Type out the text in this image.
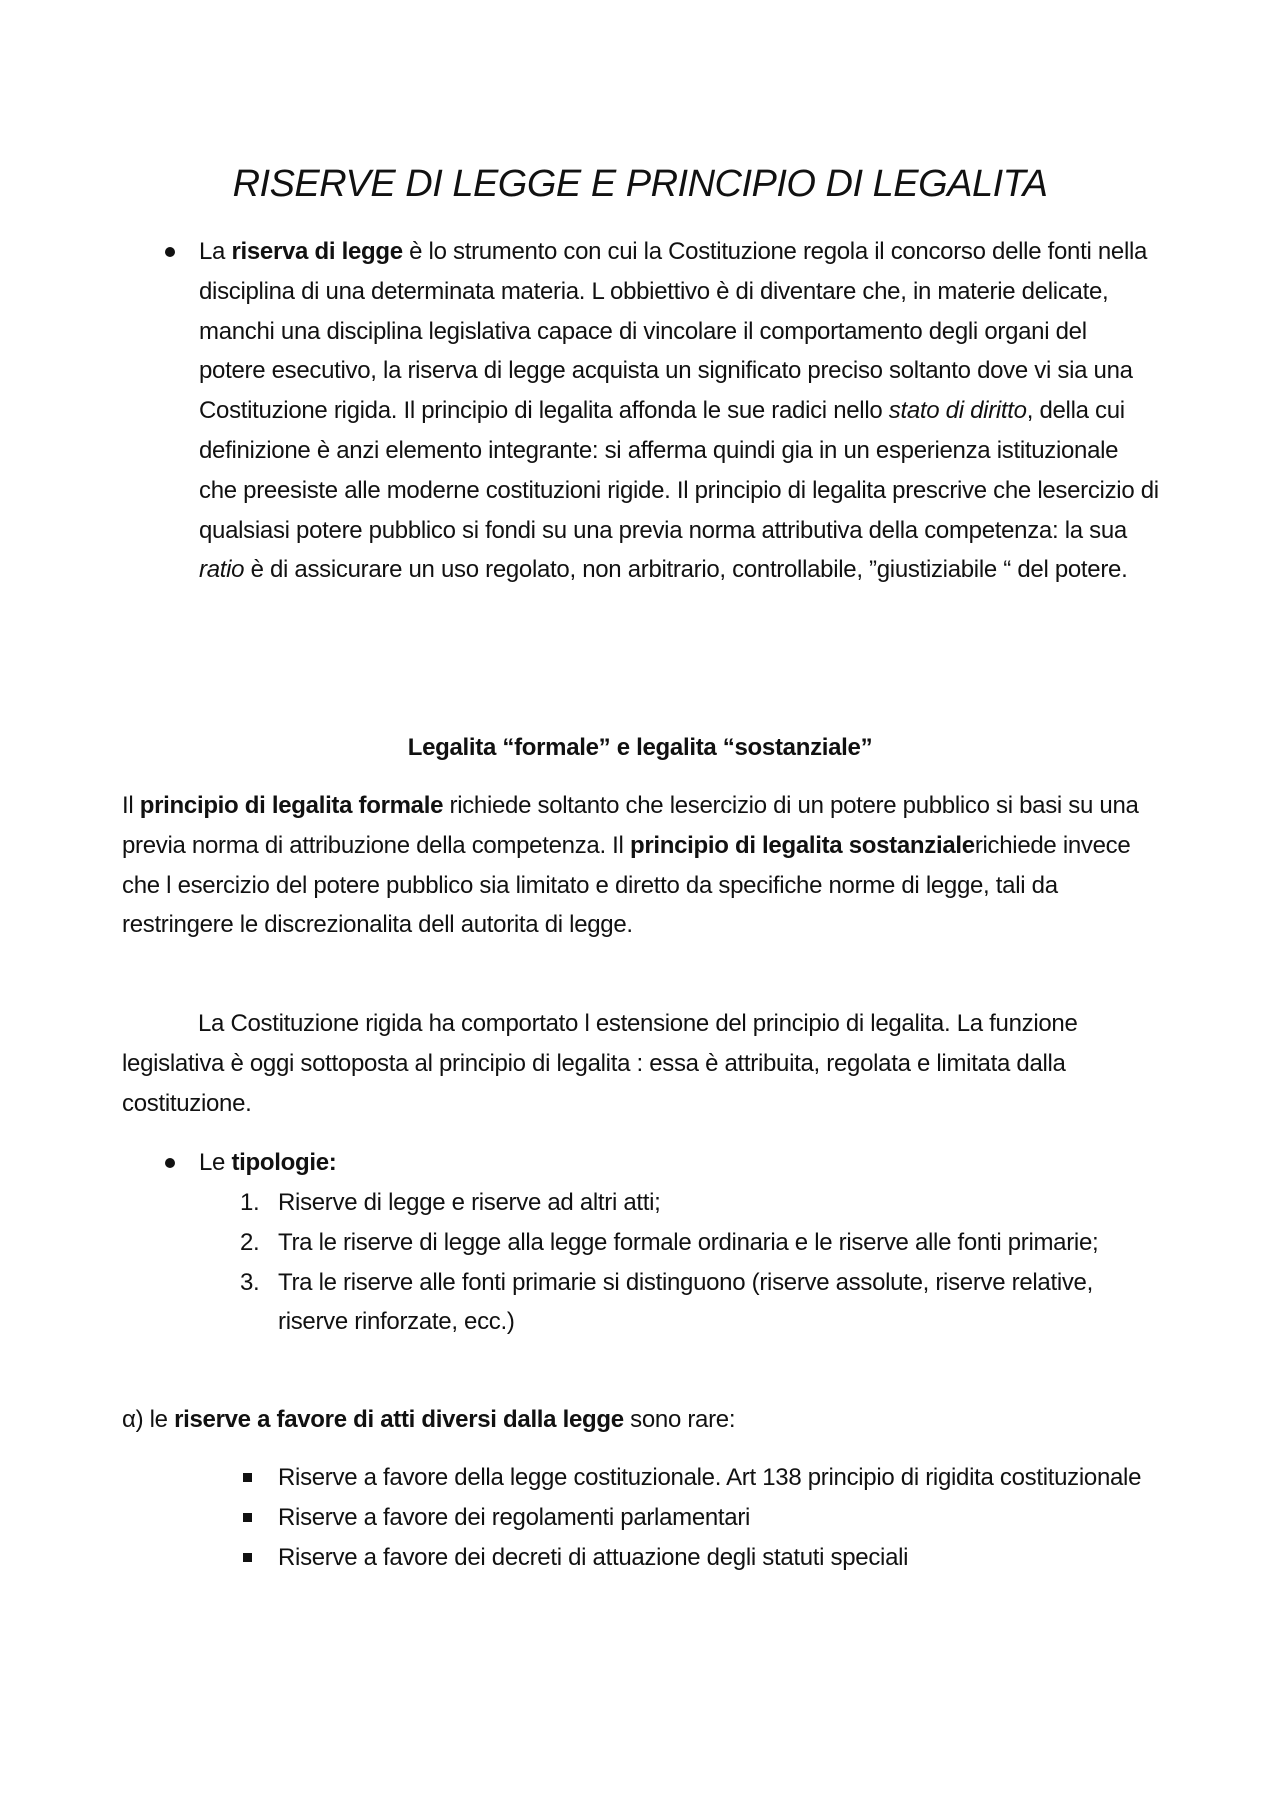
RISERVE DI LEGGE E PRINCIPIO DI LEGALITA
La riserva di legge è lo strumento con cui la Costituzione regola il concorso delle fonti nella disciplina di una determinata materia. L obbiettivo è di diventare che, in materie delicate, manchi una disciplina legislativa capace di vincolare il comportamento degli organi del potere esecutivo, la riserva di legge acquista un significato preciso soltanto dove vi sia una Costituzione rigida. Il principio di legalita affonda le sue radici nello stato di diritto, della cui definizione è anzi elemento integrante: si afferma quindi gia in un esperienza istituzionale che preesiste alle moderne costituzioni rigide. Il principio di legalita prescrive che lesercizio di qualsiasi potere pubblico si fondi su una previa norma attributiva della competenza: la sua ratio è di assicurare un uso regolato, non arbitrario, controllabile, ”giustiziabile “ del potere.
Legalita “formale” e legalita “sostanziale”
Il principio di legalita formale richiede soltanto che lesercizio di un potere pubblico si basi su una previa norma di attribuzione della competenza. Il principio di legalita sostanzialerichiede invece che l esercizio del potere pubblico sia limitato e diretto da specifiche norme di legge, tali da restringere le discrezionalita dell autorita di legge.
La Costituzione rigida ha comportato l estensione del principio di legalita. La funzione legislativa è oggi sottoposta al principio di legalita : essa è attribuita, regolata e limitata dalla costituzione.
Le tipologie:
1. Riserve di legge e riserve ad altri atti;
2. Tra le riserve di legge alla legge formale ordinaria e le riserve alle fonti primarie;
3. Tra le riserve alle fonti primarie si distinguono (riserve assolute, riserve relative, riserve rinforzate, ecc.)
α) le riserve a favore di atti diversi dalla legge sono rare:
Riserve a favore della legge costituzionale. Art 138 principio di rigidita costituzionale
Riserve a favore dei regolamenti parlamentari
Riserve a favore dei decreti di attuazione degli statuti speciali
